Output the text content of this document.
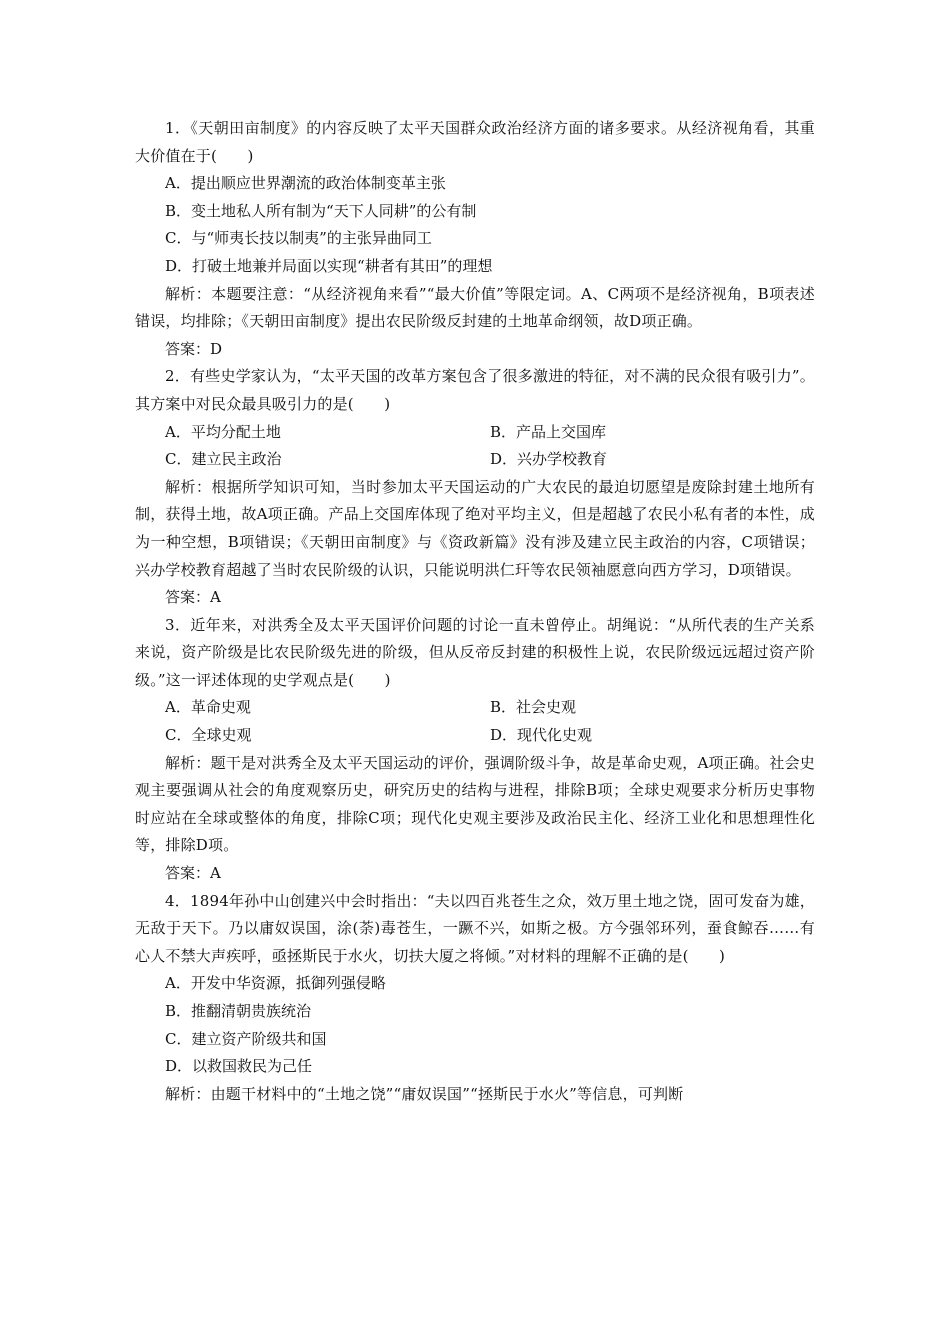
1．《天朝田亩制度》的内容反映了太平天国群众政治经济方面的诸多要求。从经济视角看，其重大价值在于(　　)

A．提出顺应世界潮流的政治体制变革主张

B．变土地私人所有制为“天下人同耕”的公有制

C．与“师夷长技以制夷”的主张异曲同工

D．打破土地兼并局面以实现“耕者有其田”的理想

解析：本题要注意：“从经济视角来看”“最大价值”等限定词。A、C两项不是经济视角，B项表述错误，均排除；《天朝田亩制度》提出农民阶级反封建的土地革命纲领，故D项正确。

答案：D

2．有些史学家认为，“太平天国的改革方案包含了很多激进的特征，对不满的民众很有吸引力”。其方案中对民众最具吸引力的是(　　)

A．平均分配土地	B．产品上交国库
C．建立民主政治	D．兴办学校教育

解析：根据所学知识可知，当时参加太平天国运动的广大农民的最迫切愿望是废除封建土地所有制，获得土地，故A项正确。产品上交国库体现了绝对平均主义，但是超越了农民小私有者的本性，成为一种空想，B项错误；《天朝田亩制度》与《资政新篇》没有涉及建立民主政治的内容，C项错误；兴办学校教育超越了当时农民阶级的认识，只能说明洪仁玕等农民领袖愿意向西方学习，D项错误。

答案：A

3．近年来，对洪秀全及太平天国评价问题的讨论一直未曾停止。胡绳说：“从所代表的生产关系来说，资产阶级是比农民阶级先进的阶级，但从反帝反封建的积极性上说，农民阶级远远超过资产阶级。”这一评述体现的史学观点是(　　)

A．革命史观	B．社会史观
C．全球史观	D．现代化史观

解析：题干是对洪秀全及太平天国运动的评价，强调阶级斗争，故是革命史观，A项正确。社会史观主要强调从社会的角度观察历史，研究历史的结构与进程，排除B项；全球史观要求分析历史事物时应站在全球或整体的角度，排除C项；现代化史观主要涉及政治民主化、经济工业化和思想理性化等，排除D项。

答案：A

4．1894年孙中山创建兴中会时指出：“夫以四百兆苍生之众，效万里土地之饶，固可发奋为雄，无敌于天下。乃以庸奴误国，涂(荼)毒苍生，一蹶不兴，如斯之极。方今强邻环列，蚕食鲸吞……有心人不禁大声疾呼，亟拯斯民于水火，切扶大厦之将倾。”对材料的理解不正确的是(　　)

A．开发中华资源，抵御列强侵略

B．推翻清朝贵族统治

C．建立资产阶级共和国

D．以救国救民为己任

解析：由题干材料中的“土地之饶”“庸奴误国”“拯斯民于水火”等信息，可判断
